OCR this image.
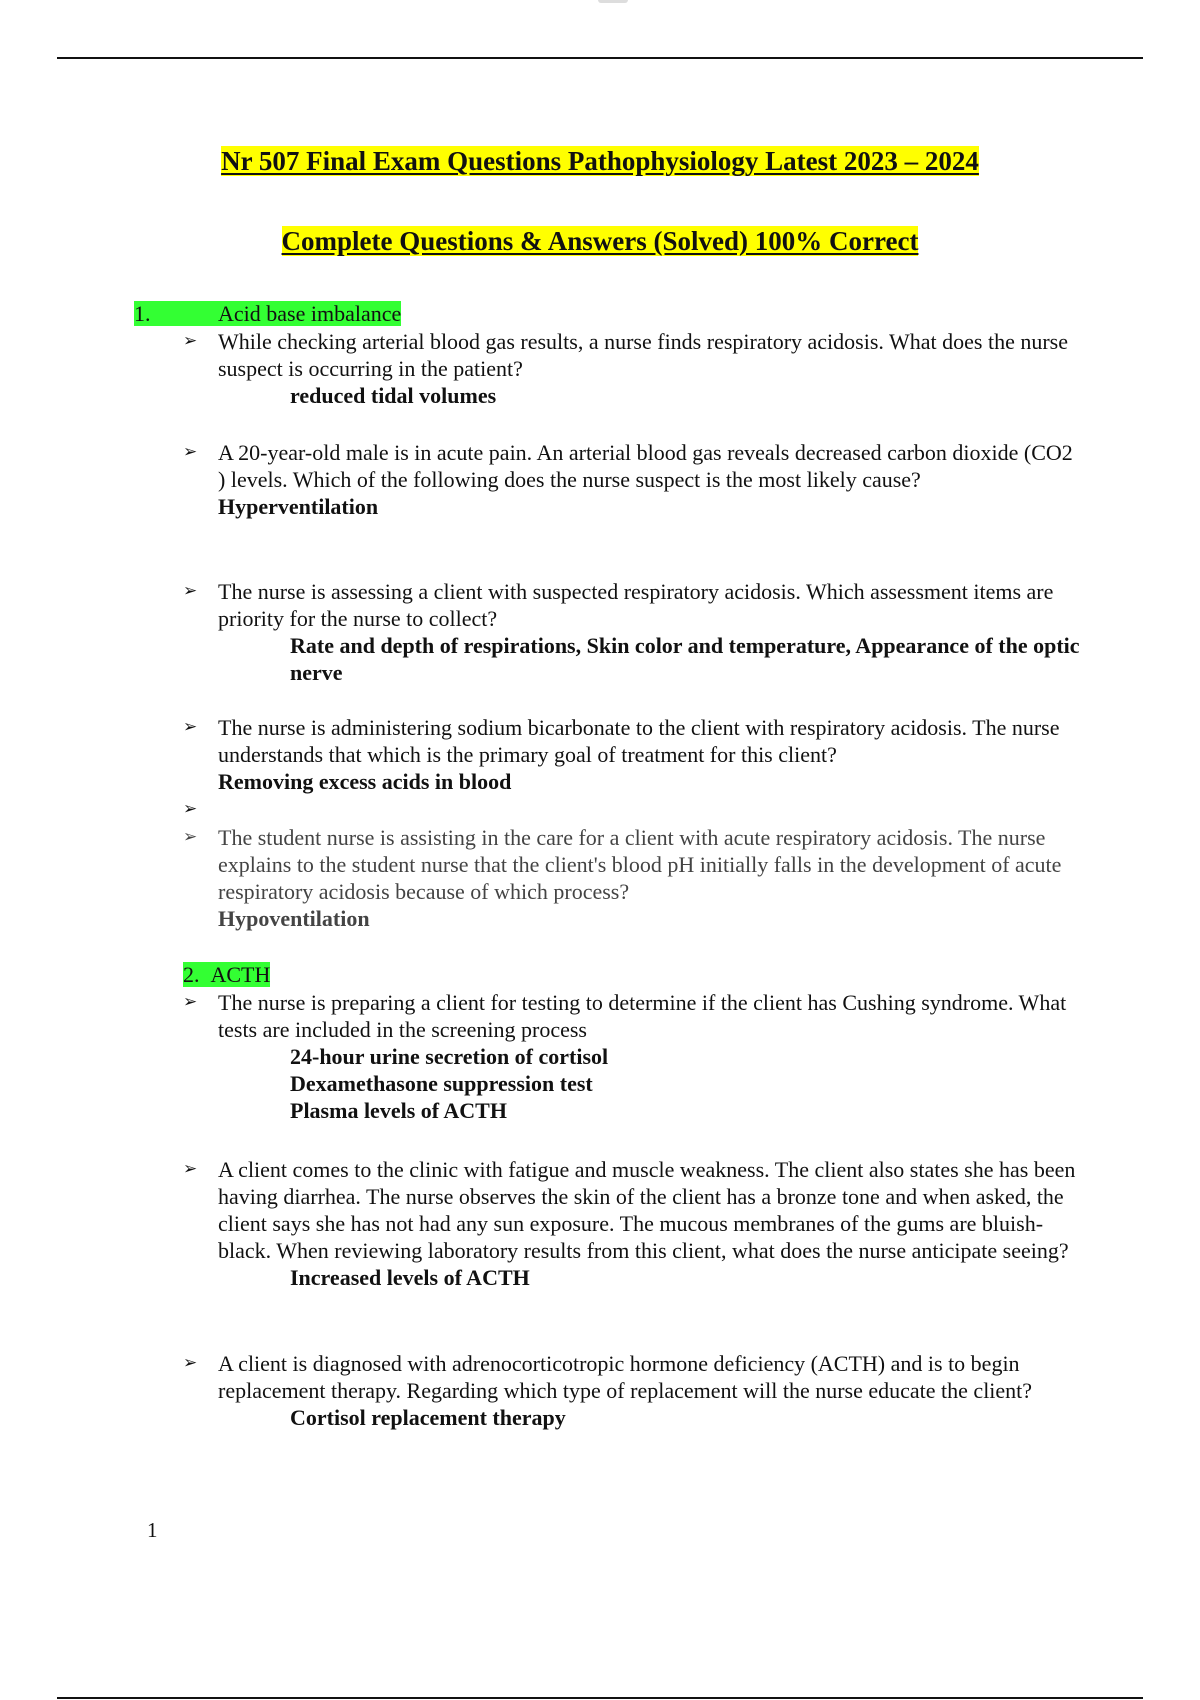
Nr 507 Final Exam Questions Pathophysiology Latest 2023 – 2024
Complete Questions & Answers (Solved) 100% Correct
1.	Acid base imbalance
➢ While checking arterial blood gas results, a nurse finds respiratory acidosis. What does the nurse suspect is occurring in the patient?
reduced tidal volumes
➢ A 20-year-old male is in acute pain. An arterial blood gas reveals decreased carbon dioxide (CO2 ) levels. Which of the following does the nurse suspect is the most likely cause?
Hyperventilation
➢ The nurse is assessing a client with suspected respiratory acidosis. Which assessment items are priority for the nurse to collect?
Rate and depth of respirations, Skin color and temperature, Appearance of the optic nerve
➢ The nurse is administering sodium bicarbonate to the client with respiratory acidosis. The nurse understands that which is the primary goal of treatment for this client?
Removing excess acids in blood
➢

➢ The student nurse is assisting in the care for a client with acute respiratory acidosis. The nurse explains to the student nurse that the client's blood pH initially falls in the development of acute respiratory acidosis because of which process?
Hypoventilation
2. ACTH
➢ The nurse is preparing a client for testing to determine if the client has Cushing syndrome. What tests are included in the screening process
24-hour urine secretion of cortisol
Dexamethasone suppression test
Plasma levels of ACTH
➢ A client comes to the clinic with fatigue and muscle weakness. The client also states she has been having diarrhea. The nurse observes the skin of the client has a bronze tone and when asked, the client says she has not had any sun exposure. The mucous membranes of the gums are bluish-black. When reviewing laboratory results from this client, what does the nurse anticipate seeing?
Increased levels of ACTH
➢ A client is diagnosed with adrenocorticotropic hormone deficiency (ACTH) and is to begin replacement therapy. Regarding which type of replacement will the nurse educate the client?
Cortisol replacement therapy
1
